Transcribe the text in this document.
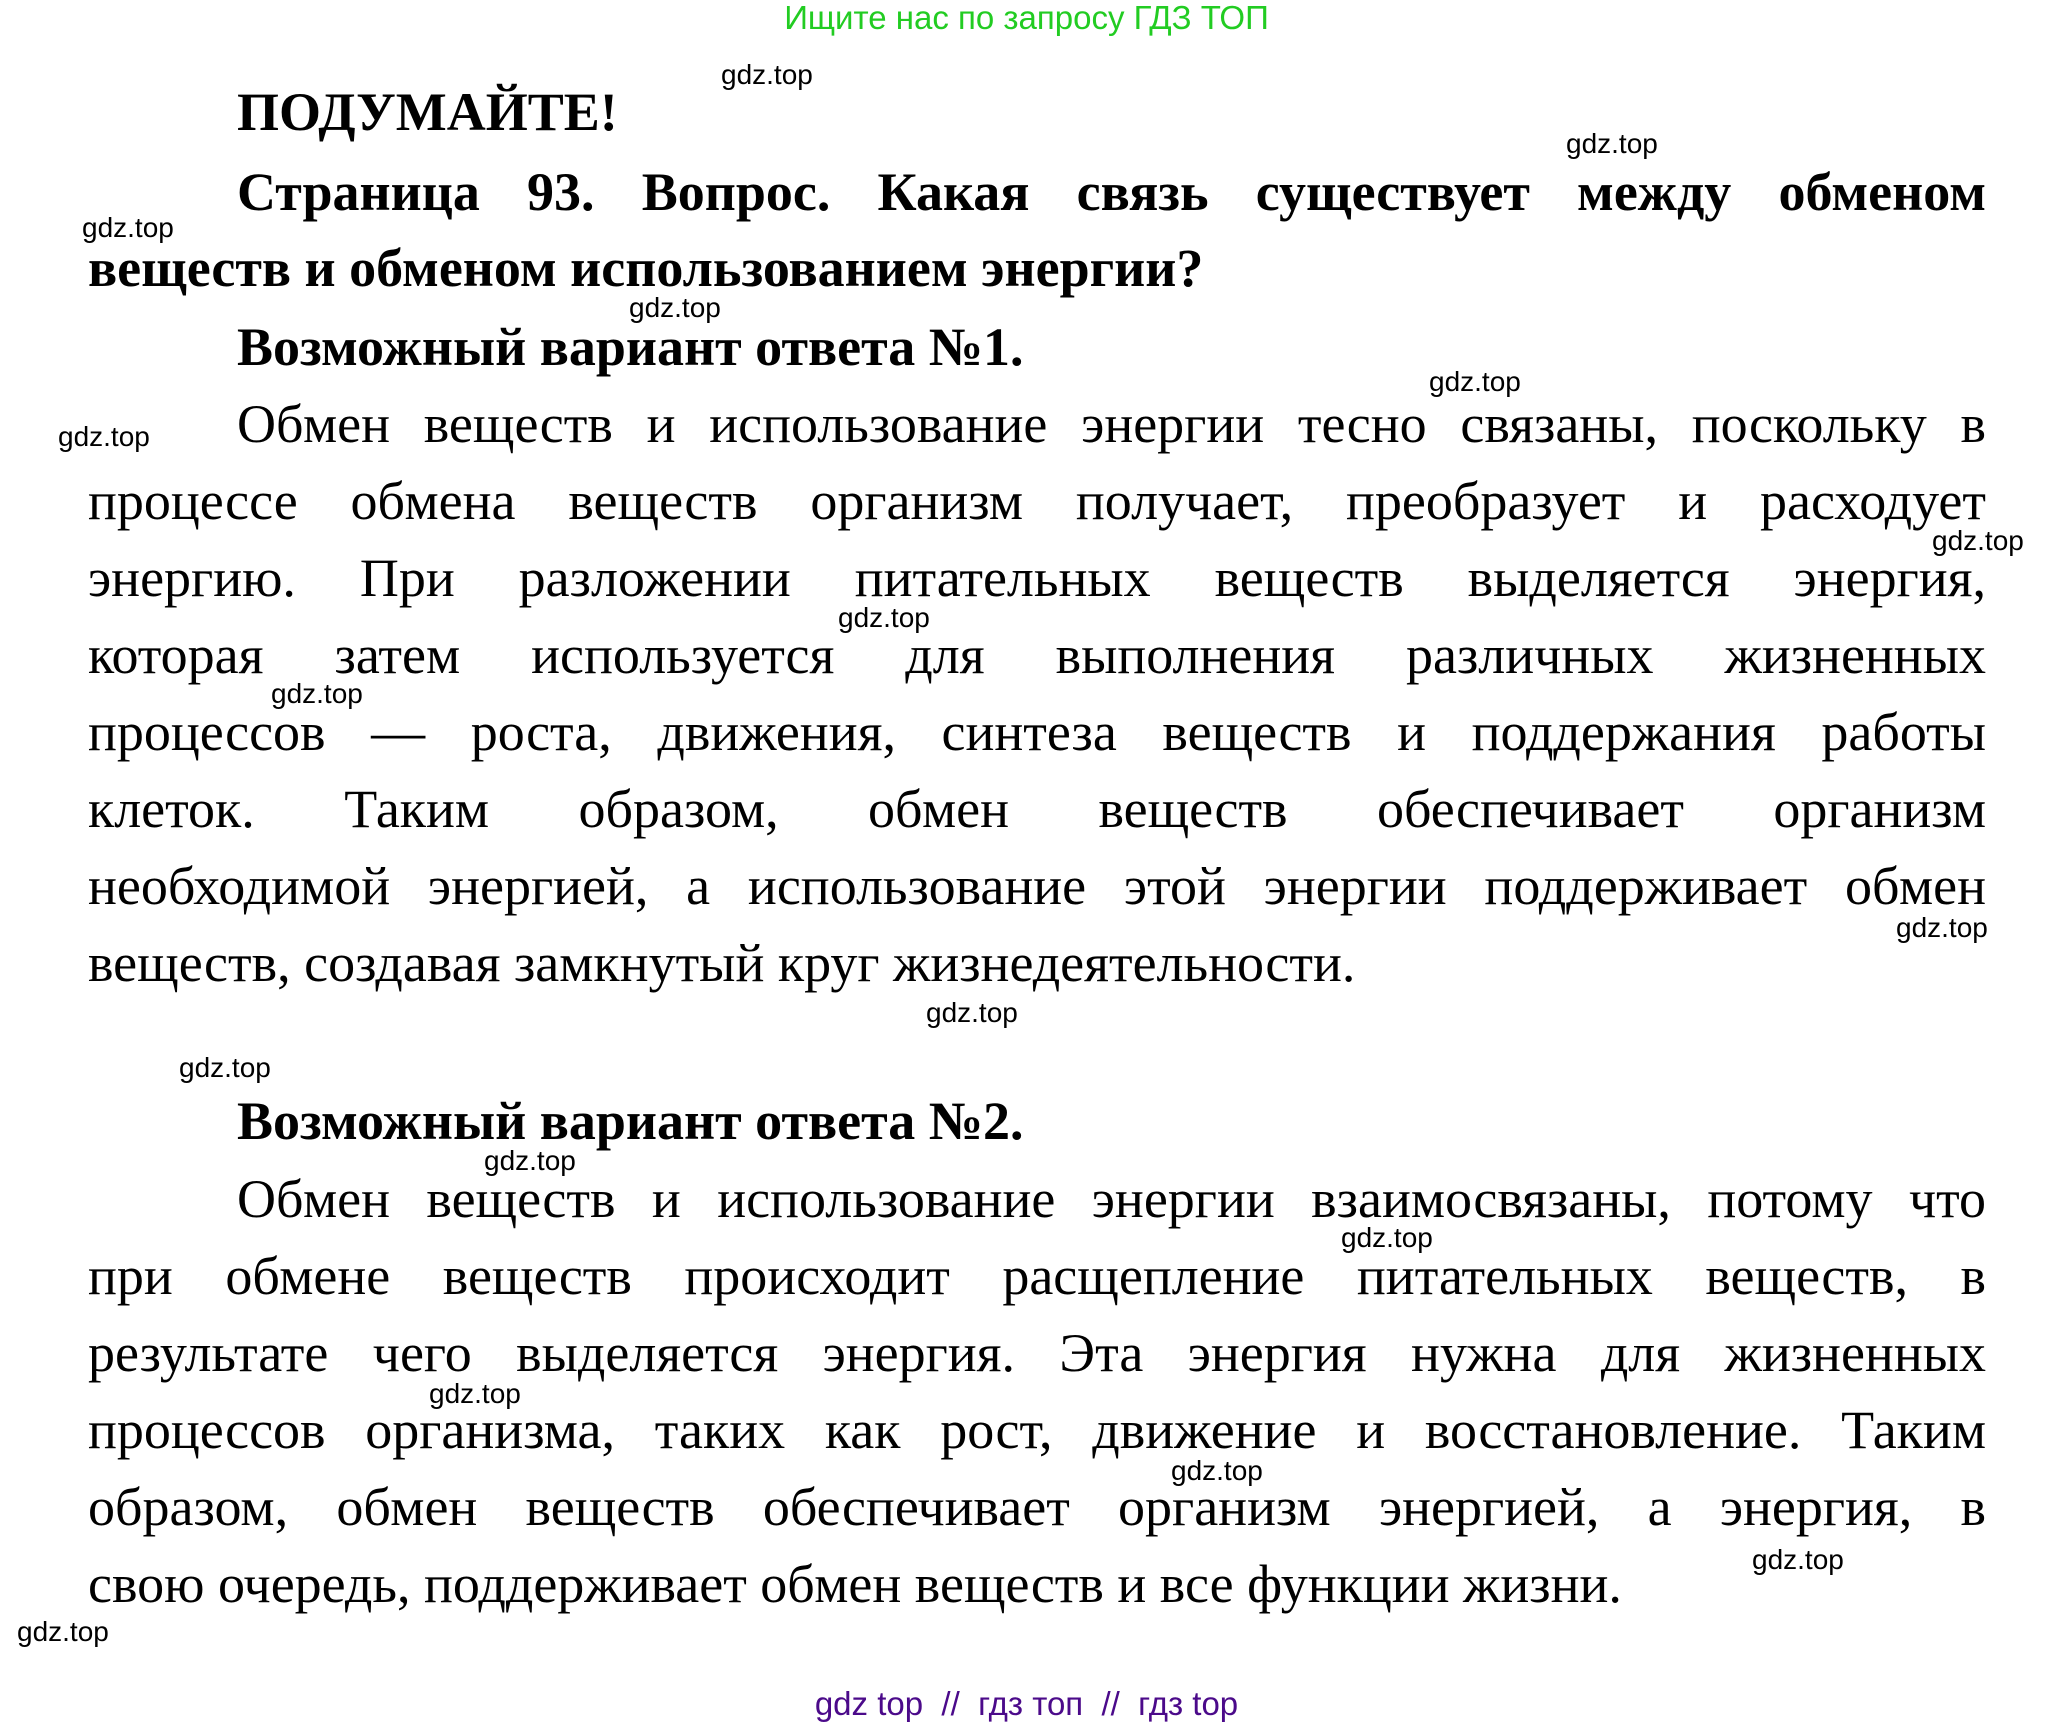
Ищите нас по запросу ГДЗ ТОП
ПОДУМАЙТЕ!
Страница 93. Вопрос. Какая связь существует между обменом
веществ и обменом использованием энергии?
Возможный вариант ответа №1.
Обмен веществ и использование энергии тесно связаны, поскольку в
процессе обмена веществ организм получает, преобразует и расходует
энергию. При разложении питательных веществ выделяется энергия,
которая затем используется для выполнения различных жизненных
процессов — роста, движения, синтеза веществ и поддержания работы
клеток. Таким образом, обмен веществ обеспечивает организм
необходимой энергией, а использование этой энергии поддерживает обмен
веществ, создавая замкнутый круг жизнедеятельности.
Возможный вариант ответа №2.
Обмен веществ и использование энергии взаимосвязаны, потому что
при обмене веществ происходит расщепление питательных веществ, в
результате чего выделяется энергия. Эта энергия нужна для жизненных
процессов организма, таких как рост, движение и восстановление. Таким
образом, обмен веществ обеспечивает организм энергией, а энергия, в
свою очередь, поддерживает обмен веществ и все функции жизни.
gdz.top
gdz.top
gdz.top
gdz.top
gdz.top
gdz.top
gdz.top
gdz.top
gdz.top
gdz.top
gdz.top
gdz.top
gdz.top
gdz.top
gdz.top
gdz.top
gdz.top
gdz.top
gdz top  //  гдз топ  //  гдз top
